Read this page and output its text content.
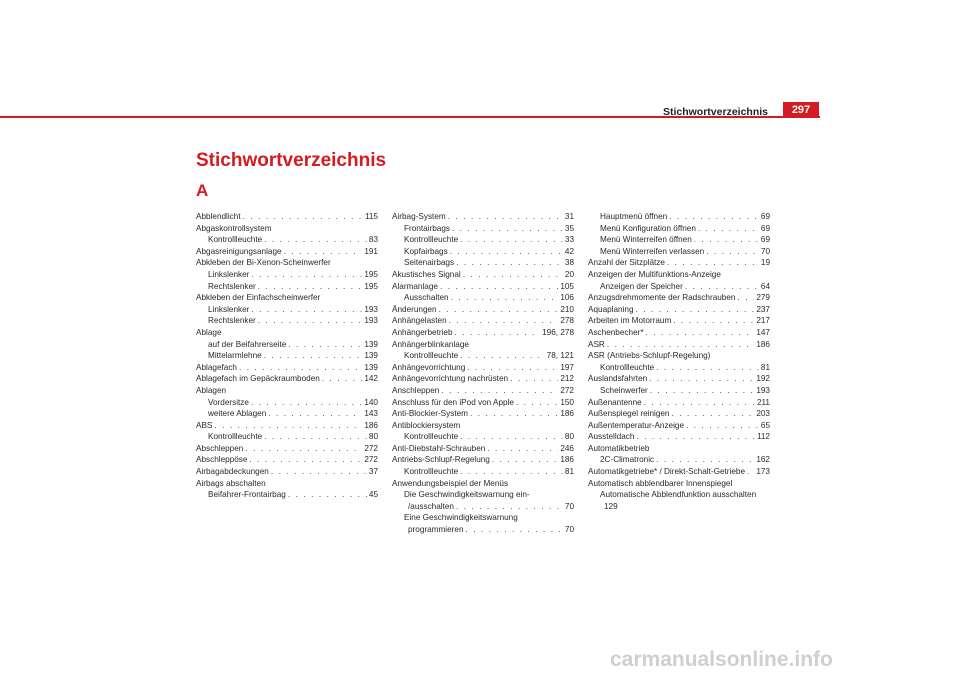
Stichwortverzeichnis	297
Stichwortverzeichnis
A
Abblendlicht . . .	115
Abgaskontrollsystem
Kontrollleuchte . . .	83
Abgasreinigungsanlage . . .	191
Abkleben der Bi-Xenon-Scheinwerfer
Linkslenker . . .	195
Rechtslenker . . .	195
Abkleben der Einfachscheinwerfer
Linkslenker . . .	193
Rechtslenker . . .	193
Ablage
auf der Beifahrerseite . . .	139
Mittelarmlehne . . .	139
Ablagefach . . .	139
Ablagefach im Gepäckraumboden . . .	142
Ablagen
Vordersitze . . .	140
weitere Ablagen . . .	143
ABS . . .	186
Kontrollleuchte . . .	80
Abschleppen . . .	272
Abschleppöse . . .	272
Airbagabdeckungen . . .	37
Airbags abschalten
Beifahrer-Frontairbag . . .	45
Airbag-System . . .	31
Frontairbags . . .	35
Kontrollleuchte . . .	33
Kopfairbags . . .	42
Seitenairbags . . .	38
Akustisches Signal . . .	20
Alarmanlage . . .	105
Ausschalten . . .	106
Änderungen . . .	210
Anhängelasten . . .	278
Anhängerbetrieb . . .	196, 278
Anhängerblinkanlage
Kontrollleuchte . . .	78, 121
Anhängevorrichtung . . .	197
Anhängevorrichtung nachrüsten . . .	212
Anschleppen . . .	272
Anschluss für den iPod von Apple . . .	150
Anti-Blockier-System . . .	186
Antiblockiersystem
Kontrollleuchte . . .	80
Anti-Diebstahl-Schrauben . . .	246
Antriebs-Schlupf-Regelung . . .	186
Kontrollleuchte . . .	81
Anwendungsbeispiel der Menüs
Die Geschwindigkeitswarnung ein-
/ausschalten . . .	70
Eine Geschwindigkeitswarnung
programmieren . . .	70
Hauptmenü öffnen . . .	69
Menü Konfiguration öffnen . . .	69
Menü Winterreifen öffnen . . .	69
Menü Winterreifen verlassen . . .	70
Anzahl der Sitzplätze . . .	19
Anzeigen der Multifunktions-Anzeige
Anzeigen der Speicher . . .	64
Anzugsdrehmomente der Radschrauben . . .	279
Aquaplaning . . .	237
Arbeiten im Motorraum . . .	217
Aschenbecher* . . .	147
ASR . . .	186
ASR (Antriebs-Schlupf-Regelung)
Kontrollleuchte . . .	81
Auslandsfahrten . . .	192
Scheinwerfer . . .	193
Außenantenne . . .	211
Außenspiegel reinigen . . .	203
Außentemperatur-Anzeige . . .	65
Ausstelldach . . .	112
Automatikbetrieb
2C-Climatronic . . .	162
Automatikgetriebe* / Direkt-Schalt-Getriebe . . . 173
Automatisch abblendbarer Innenspiegel
Automatische Abblendfunktion ausschalten
129
carmanualsonline.info
